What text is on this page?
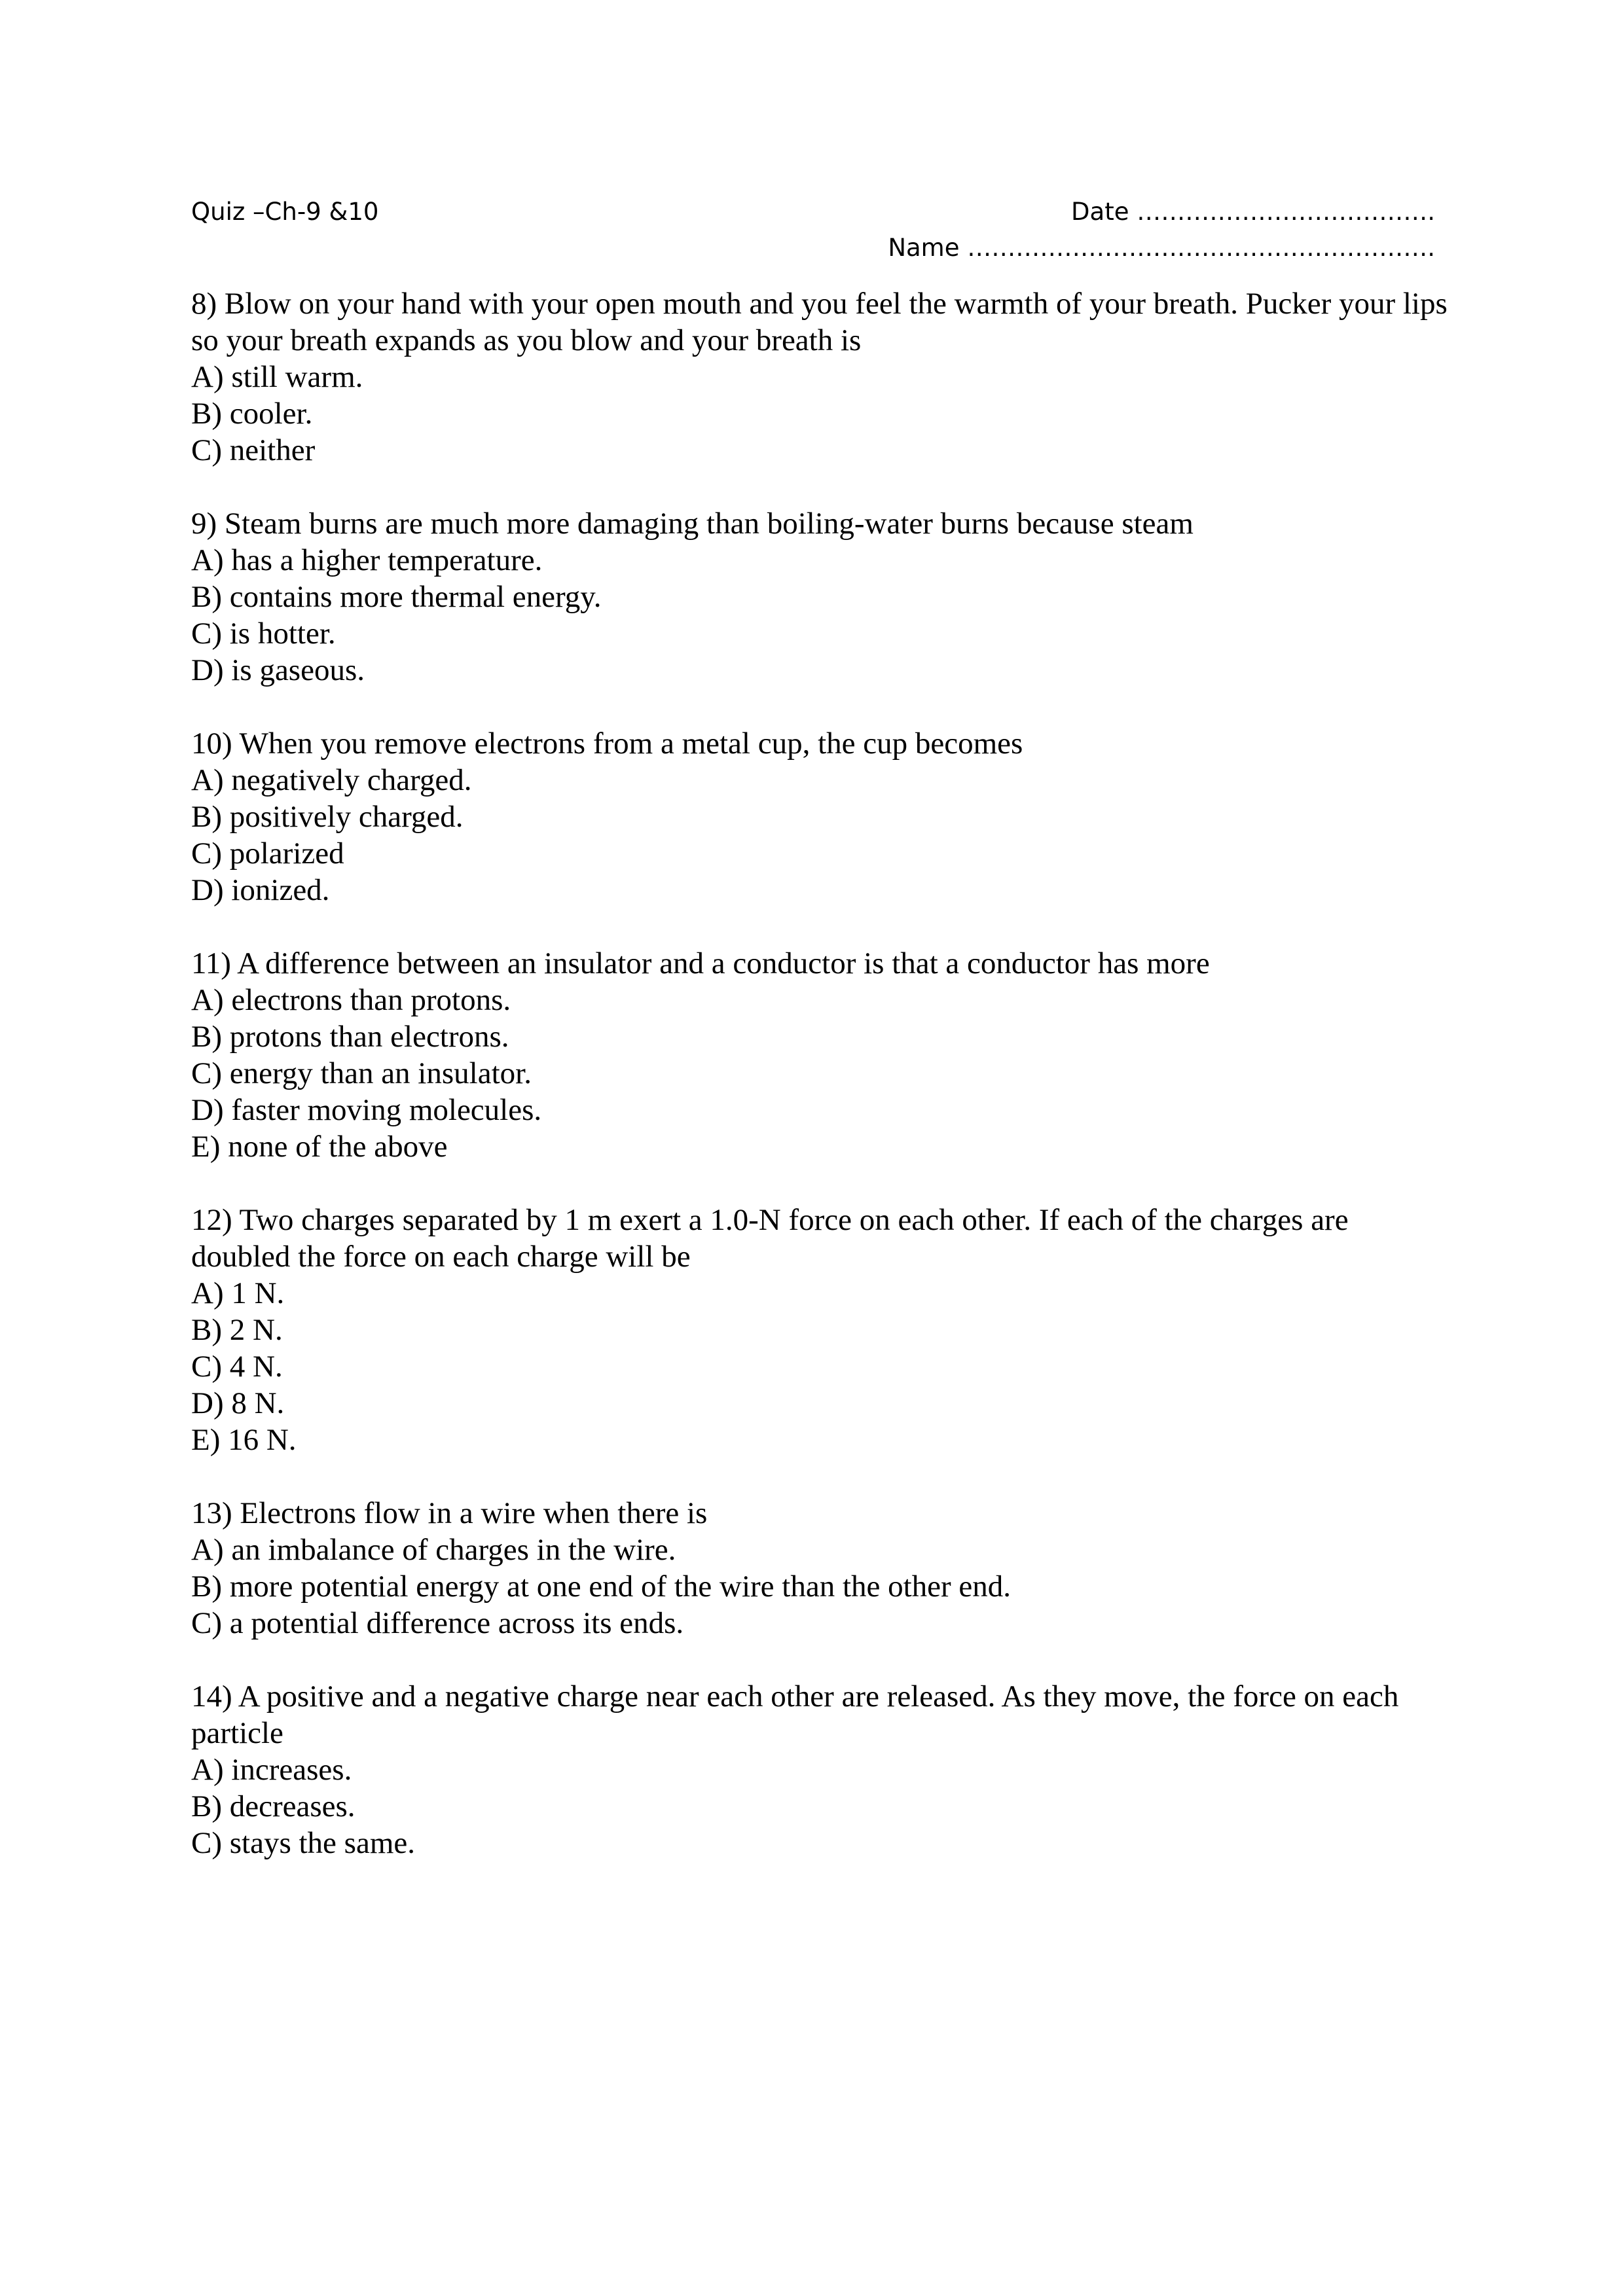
Quiz –Ch-9 &10	Date ……………………………….
Name ………………………………………………….

8) Blow on your hand with your open mouth and you feel the warmth of your breath. Pucker your lips so your breath expands as you blow and your breath is

A) still warm.

B) cooler.

C) neither

9) Steam burns are much more damaging than boiling-water burns because steam

A) has a higher temperature.

B) contains more thermal energy.

C) is hotter.

D) is gaseous.

10) When you remove electrons from a metal cup, the cup becomes

A) negatively charged.

B) positively charged.

C) polarized

D) ionized.

11) A difference between an insulator and a conductor is that a conductor has more

A) electrons than protons.

B) protons than electrons.

C) energy than an insulator.

D) faster moving molecules.

E) none of the above

12) Two charges separated by 1 m exert a 1.0-N force on each other. If each of the charges are doubled the force on each charge will be

A) 1 N.

B) 2 N.

C) 4 N.

D) 8 N.

E) 16 N.

13) Electrons flow in a wire when there is

A) an imbalance of charges in the wire.

B) more potential energy at one end of the wire than the other end.

C) a potential difference across its ends.

14) A positive and a negative charge near each other are released. As they move, the force on each particle

A) increases.

B) decreases.

C) stays the same.
